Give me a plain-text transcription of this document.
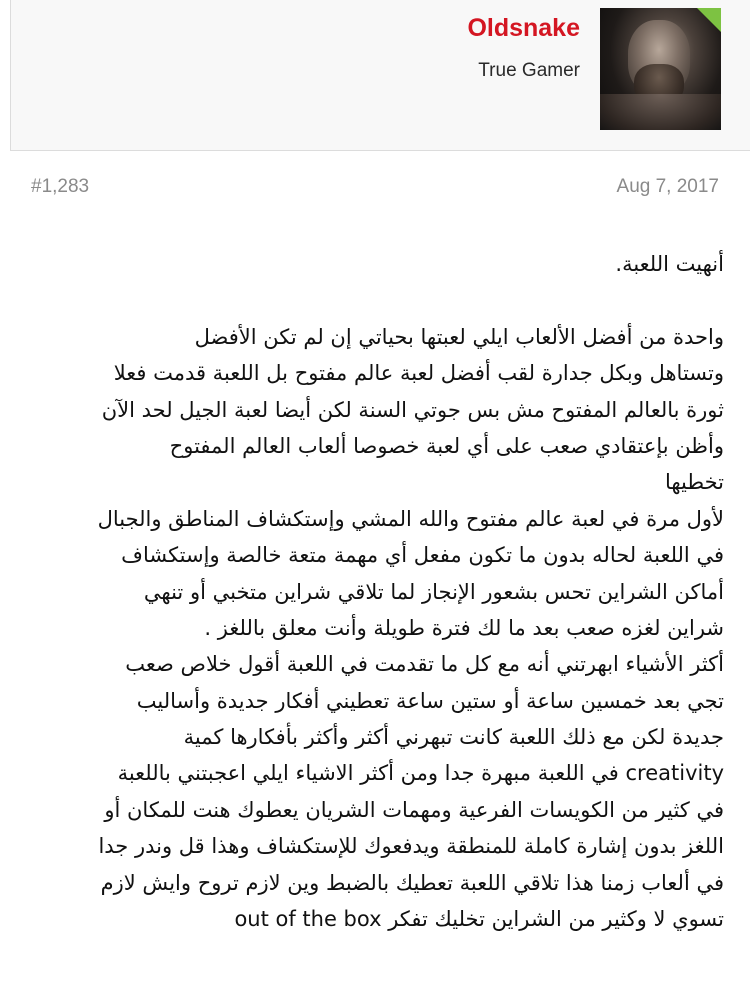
Oldsnake
True Gamer
#1,283	Aug 7, 2017
أنهيت اللعبة.
واحدة من أفضل الألعاب ايلي لعبتها بحياتي إن لم تكن الأفضل
وتستاهل وبكل جدارة لقب أفضل لعبة عالم مفتوح بل اللعبة قدمت فعلا
ثورة بالعالم المفتوح مش بس جوتي السنة لكن أيضا لعبة الجيل لحد الآن
وأظن بإعتقادي صعب على أي لعبة خصوصا ألعاب العالم المفتوح
تخطيها
لأول مرة في لعبة عالم مفتوح والله المشي وإستكشاف المناطق والجبال
في اللعبة لحاله بدون ما تكون مفعل أي مهمة متعة خالصة وإستكشاف
أماكن الشراين تحس بشعور الإنجاز لما تلاقي شراين متخبي أو تنهي
شراين لغزه صعب بعد ما لك فترة طويلة وأنت معلق باللغز .
أكثر الأشياء ابهرتني أنه مع كل ما تقدمت في اللعبة أقول خلاص صعب
تجي بعد خمسين ساعة أو ستين ساعة تعطيني أفكار جديدة وأساليب
جديدة لكن مع ذلك اللعبة كانت تبهرني أكثر وأكثر بأفكارها كمية
creativity في اللعبة مبهرة جدا ومن أكثر الاشياء ايلي اعجبتني باللعبة
في كثير من الكويسات الفرعية ومهمات الشريان يعطوك هنت للمكان أو
اللغز بدون إشارة كاملة للمنطقة ويدفعوك للإستكشاف وهذا قل وندر جدا
في ألعاب زمنا هذا تلاقي اللعبة تعطيك بالضبط وين لازم تروح وايش لازم
تسوي لا وكثير من الشراين تخليك تفكر out of the box
